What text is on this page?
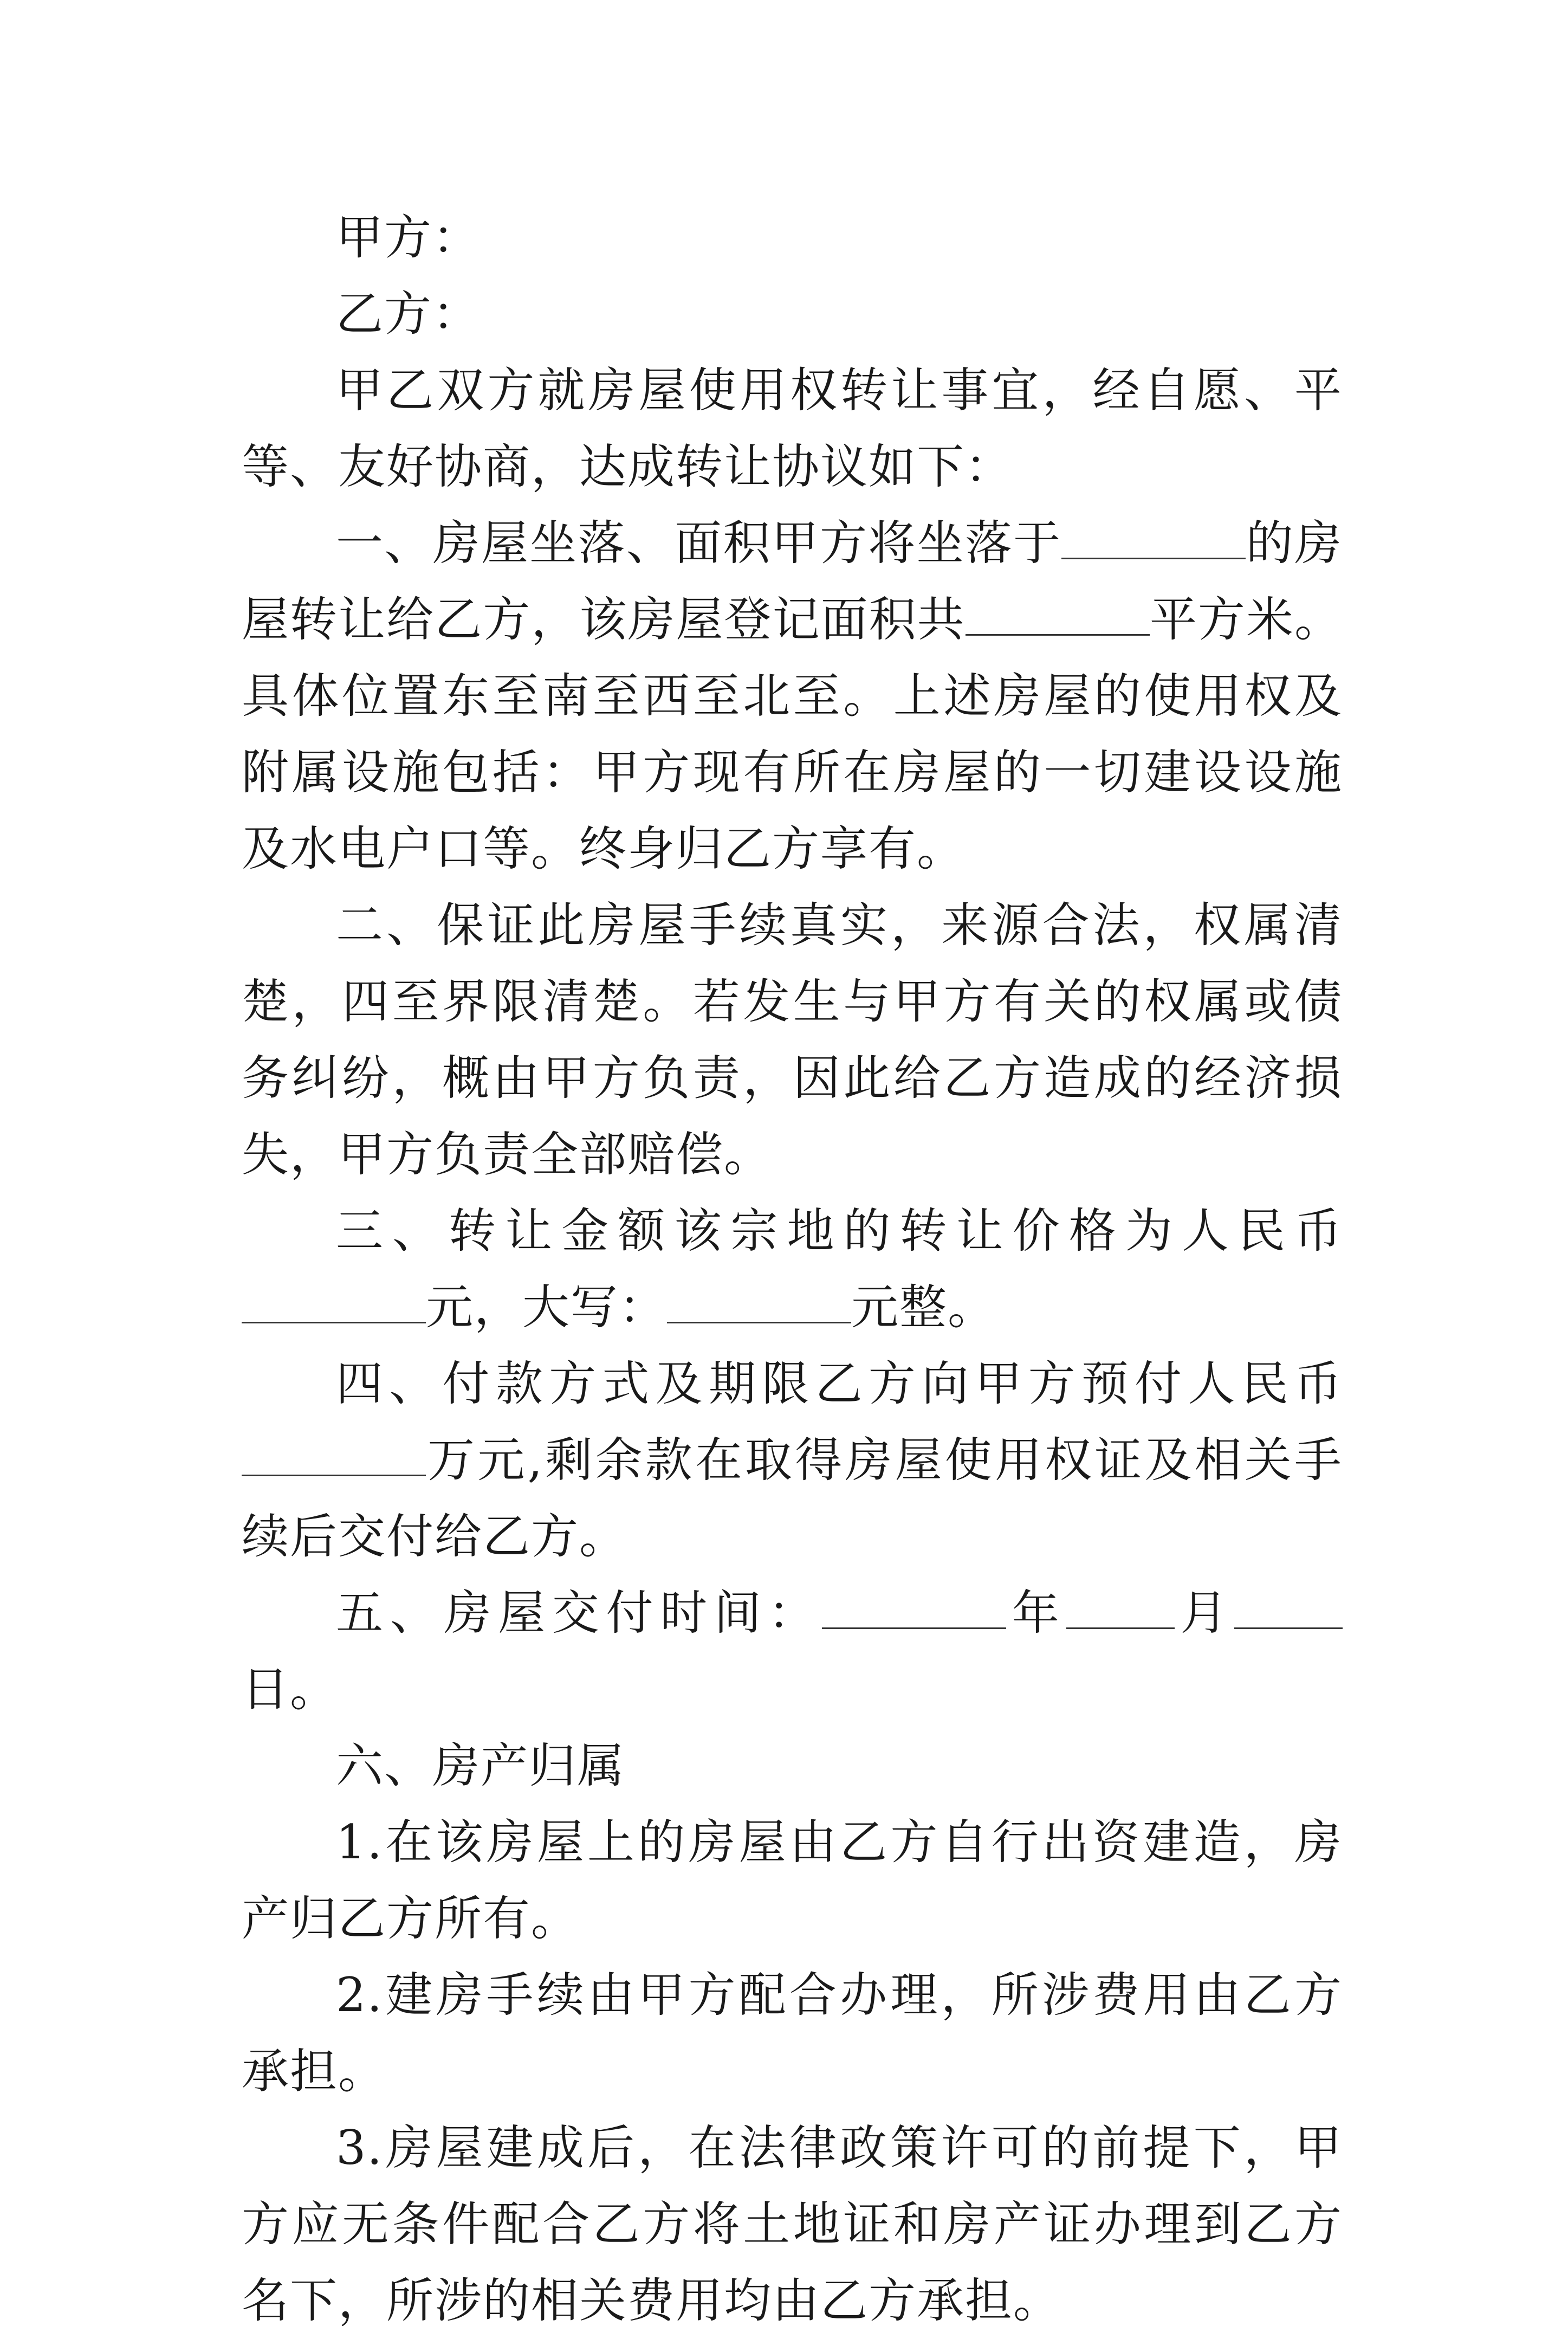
甲方：

乙方：

甲乙双方就房屋使用权转让事宜，经自愿、平等、友好协商，达成转让协议如下：

一、房屋坐落、面积甲方将坐落于	的房屋转让给乙方，该房屋登记面积共	平方米。具体位置东至南至西至北至。上述房屋的使用权及附属设施包括：甲方现有所在房屋的一切建设设施及水电户口等。终身归乙方享有。

二、保证此房屋手续真实，来源合法，权属清楚，四至界限清楚。若发生与甲方有关的权属或债务纠纷，概由甲方负责，因此给乙方造成的经济损失，甲方负责全部赔偿。

三、转让金额该宗地的转让价格为人民币元，大写：	元整。

四、付款方式及期限乙方向甲方预付人民币万元,剩余款在取得房屋使用权证及相关手续后交付给乙方。

五、房屋交付时间：	年 月日。

六、房产归属

1.在该房屋上的房屋由乙方自行出资建造，房产归乙方所有。

2.建房手续由甲方配合办理，所涉费用由乙方承担。

3.房屋建成后，在法律政策许可的前提下，甲方应无条件配合乙方将土地证和房产证办理到乙方名下，所涉的相关费用均由乙方承担。
